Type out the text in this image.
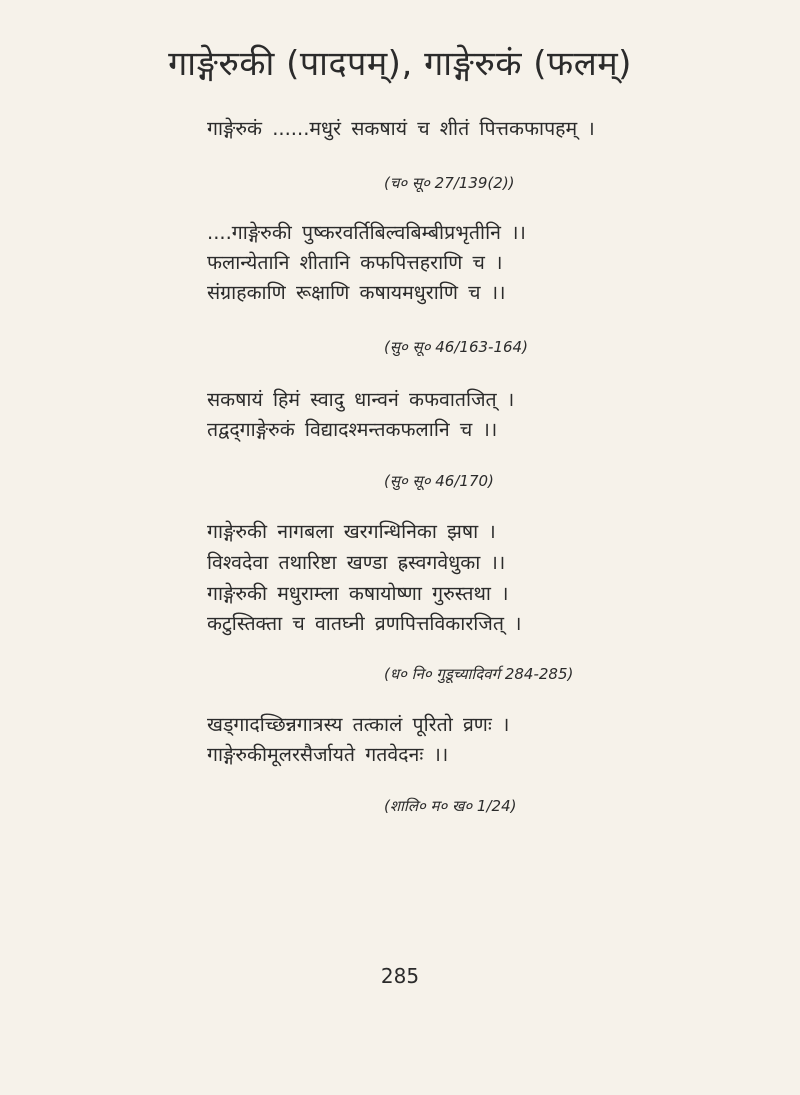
गाङ्गेरुकी (पादपम्), गाङ्गेरुकं (फलम्)
गाङ्गेरुकं ......मधुरं सकषायं च शीतं पित्तकफापहम् ।
(च० सू० 27/139(2))
....गाङ्गेरुकी पुष्करवर्तिबिल्वबिम्बीप्रभृतीनि ।।
फलान्येतानि शीतानि कफपित्तहराणि च ।
संग्राहकाणि रूक्षाणि कषायमधुराणि च ।।
(सु० सू० 46/163-164)
सकषायं हिमं स्वादु धान्वनं कफवातजित् ।
तद्वद्‌गाङ्गेरुकं विद्यादश्मन्तकफलानि च ।।
(सु० सू० 46/170)
गाङ्गेरुकी नागबला खरगन्धिनिका झषा ।
विश्वदेवा तथारिष्टा खण्डा ह्रस्वगवेधुका ।।
गाङ्गेरुकी मधुराम्ला कषायोष्णा गुरुस्तथा ।
कटुस्तिक्ता च वातघ्नी व्रणपित्तविकारजित् ।
(ध० नि० गुडूच्यादिवर्ग 284-285)
खड्गादच्छिन्नगात्रस्य तत्कालं पूरितो व्रणः ।
गाङ्गेरुकीमूलरसैर्जायते गतवेदनः ।।
(शालि० म० ख० 1/24)
285
